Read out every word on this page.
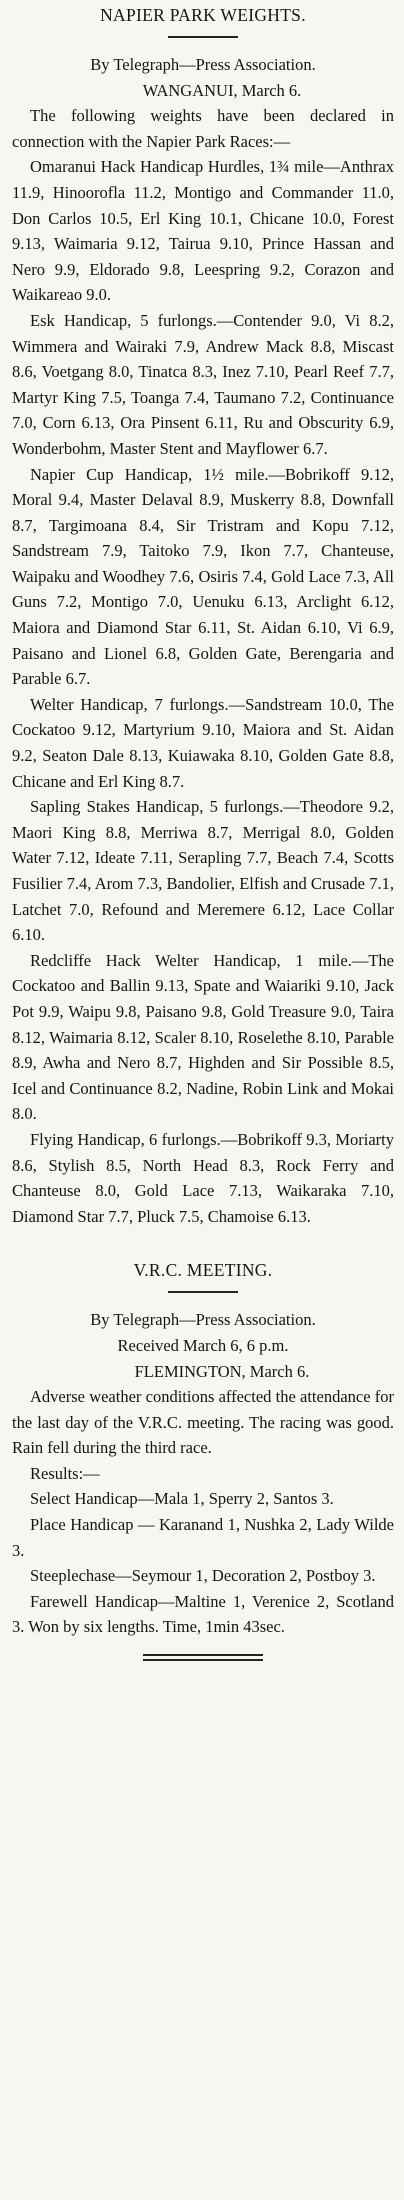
NAPIER PARK WEIGHTS.
By Telegraph—Press Association.
WANGANUI, March 6.

The following weights have been declared in connection with the Napier Park Races:—

Omaranui Hack Handicap Hurdles, 1¾ mile—Anthrax 11.9, Hinoorofla 11.2, Montigo and Commander 11.0, Don Carlos 10.5, Erl King 10.1, Chicane 10.0, Forest 9.13, Waimaria 9.12, Tairua 9.10, Prince Hassan and Nero 9.9, Eldorado 9.8, Leespring 9.2, Corazon and Waikareao 9.0.

Esk Handicap, 5 furlongs.—Contender 9.0, Vi 8.2, Wimmera and Wairaki 7.9, Andrew Mack 8.8, Miscast 8.6, Voetgang 8.0, Tinatca 8.3, Inez 7.10, Pearl Reef 7.7, Martyr King 7.5, Toanga 7.4, Taumano 7.2, Continuance 7.0, Corn 6.13, Ora Pinsent 6.11, Ru and Obscurity 6.9, Wonderbohm, Master Stent and Mayflower 6.7.

Napier Cup Handicap, 1½ mile.—Bobrikoff 9.12, Moral 9.4, Master Delaval 8.9, Muskerry 8.8, Downfall 8.7, Targimoana 8.4, Sir Tristram and Kopu 7.12, Sandstream 7.9, Taitoko 7.9, Ikon 7.7, Chanteuse, Waipaku and Woodhey 7.6, Osiris 7.4, Gold Lace 7.3, All Guns 7.2, Montigo 7.0, Uenuku 6.13, Arclight 6.12, Maiora and Diamond Star 6.11, St. Aidan 6.10, Vi 6.9, Paisano and Lionel 6.8, Golden Gate, Berengaria and Parable 6.7.

Welter Handicap, 7 furlongs.—Sandstream 10.0, The Cockatoo 9.12, Martyrium 9.10, Maiora and St. Aidan 9.2, Seaton Dale 8.13, Kuiawaka 8.10, Golden Gate 8.8, Chicane and Erl King 8.7.

Sapling Stakes Handicap, 5 furlongs.—Theodore 9.2, Maori King 8.8, Merriwa 8.7, Merrigal 8.0, Golden Water 7.12, Ideate 7.11, Serapling 7.7, Beach 7.4, Scotts Fusilier 7.4, Arom 7.3, Bandolier, Elfish and Crusade 7.1, Latchet 7.0, Refound and Meremere 6.12, Lace Collar 6.10.

Redcliffe Hack Welter Handicap, 1 mile.—The Cockatoo and Ballin 9.13, Spate and Waiariki 9.10, Jack Pot 9.9, Waipu 9.8, Paisano 9.8, Gold Treasure 9.0, Taira 8.12, Waimaria 8.12, Scaler 8.10, Roselethe 8.10, Parable 8.9, Awha and Nero 8.7, Highden and Sir Possible 8.5, Icel and Continuance 8.2, Nadine, Robin Link and Mokai 8.0.

Flying Handicap, 6 furlongs.—Bobrikoff 9.3, Moriarty 8.6, Stylish 8.5, North Head 8.3, Rock Ferry and Chanteuse 8.0, Gold Lace 7.13, Waikaraka 7.10, Diamond Star 7.7, Pluck 7.5, Chamoise 6.13.

V.R.C. MEETING.
By Telegraph—Press Association.
Received March 6, 6 p.m.
FLEMINGTON, March 6.

Adverse weather conditions affected the attendance for the last day of the V.R.C. meeting. The racing was good. Rain fell during the third race.

Results:—

Select Handicap—Mala 1, Sperry 2, Santos 3.

Place Handicap — Karanand 1, Nushka 2, Lady Wilde 3.

Steeplechase—Seymour 1, Decoration 2, Postboy 3.

Farewell Handicap—Maltine 1, Verenice 2, Scotland 3. Won by six lengths. Time, 1min 43sec.
